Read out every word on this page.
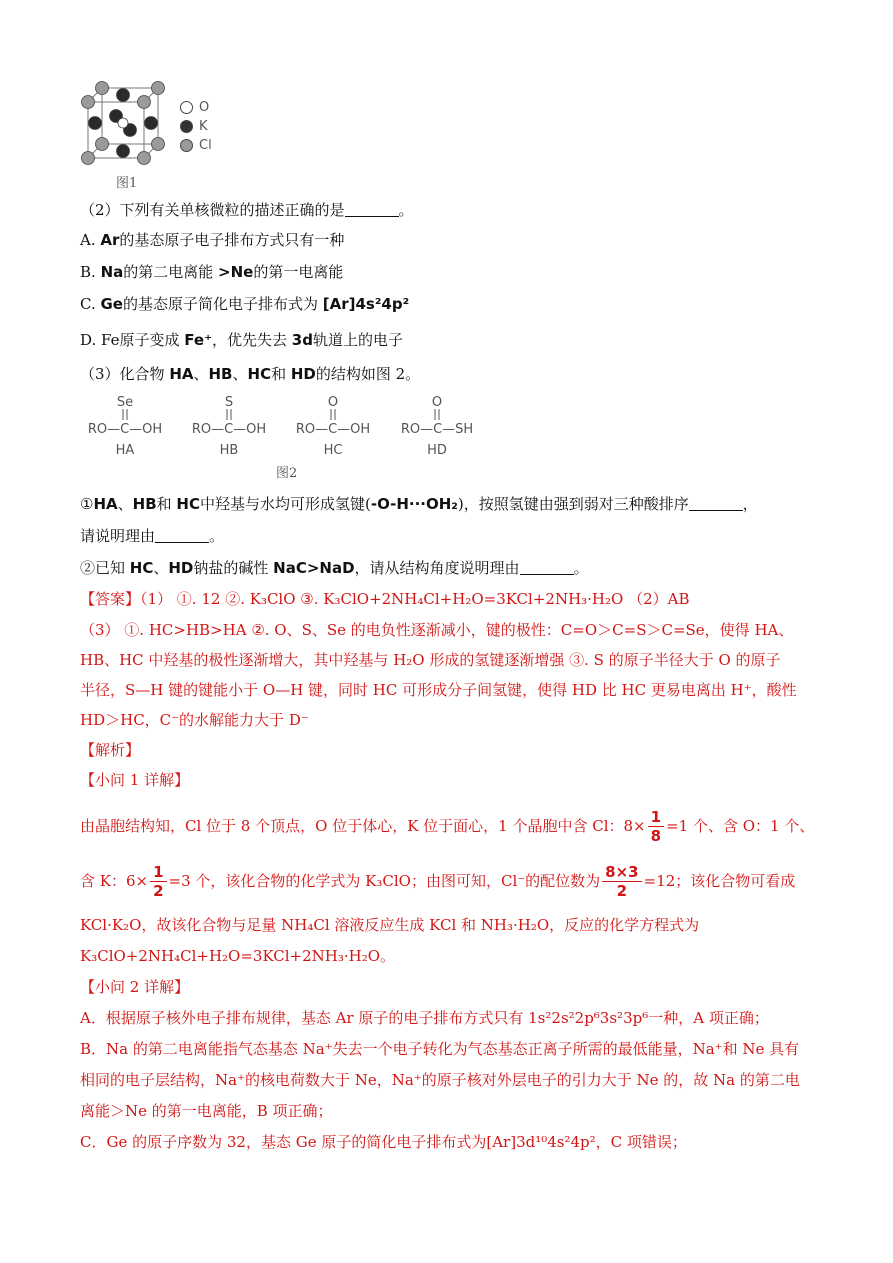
O
K
Cl
图1
（2）下列有关单核微粒的描述正确的是	。
A. Ar的基态原子电子排布方式只有一种
B. Na的第二电离能 >Ne的第一电离能
C. Ge的基态原子简化电子排布式为 [Ar]4s²4p²
D. Fe原子变成 Fe⁺，优先失去 3d轨道上的电子
（3）化合物 HA、HB、HC和 HD的结构如图 2。
Se
RO—C—OH
HA
S
RO—C—OH
HB
O
RO—C—OH
HC
O
RO—C—SH
HD
图2
①HA、HB和 HC中羟基与水均可形成氢键(-O-H···OH₂)，按照氢键由强到弱对三种酸排序	，
请说明理由	。
②已知 HC、HD钠盐的碱性 NaC>NaD，请从结构角度说明理由	。
【答案】（1） ①. 12 ②. K₃ClO ③. K₃ClO+2NH₄Cl+H₂O=3KCl+2NH₃·H₂O （2）AB
（3） ①. HC>HB>HA ②. O、S、Se 的电负性逐渐减小，键的极性：C=O＞C=S＞C=Se，使得 HA、
HB、HC 中羟基的极性逐渐增大，其中羟基与 H₂O 形成的氢键逐渐增强 ③. S 的原子半径大于 O 的原子
半径，S—H 键的键能小于 O—H 键，同时 HC 可形成分子间氢键，使得 HD 比 HC 更易电离出 H⁺，酸性
HD＞HC，C⁻的水解能力大于 D⁻
【解析】
【小问 1 详解】
由晶胞结构知，Cl 位于 8 个顶点，O 位于体心，K 位于面心，1 个晶胞中含 Cl：$8\times \frac{1}{8} =1$ 个、含 O：1 个、
含 K：$6\times \frac{1}{2} =3$ 个，该化合物的化学式为 K₃ClO；由图可知，Cl⁻的配位数为 $\frac{8\times 3}{2} =12$；该化合物可看成
KCl·K₂O，故该化合物与足量 NH₄Cl 溶液反应生成 KCl 和 NH₃·H₂O，反应的化学方程式为
K₃ClO+2NH₄Cl+H₂O=3KCl+2NH₃·H₂O。
【小问 2 详解】
A．根据原子核外电子排布规律，基态 Ar 原子的电子排布方式只有 1s²2s²2p⁶3s²3p⁶一种，A 项正确；
B．Na 的第二电离能指气态基态 Na⁺失去一个电子转化为气态基态正离子所需的最低能量，Na⁺和 Ne 具有
相同的电子层结构，Na⁺的核电荷数大于 Ne，Na⁺的原子核对外层电子的引力大于 Ne 的，故 Na 的第二电
离能＞Ne 的第一电离能，B 项正确；
C．Ge 的原子序数为 32，基态 Ge 原子的简化电子排布式为[Ar]3d¹⁰4s²4p²，C 项错误；
